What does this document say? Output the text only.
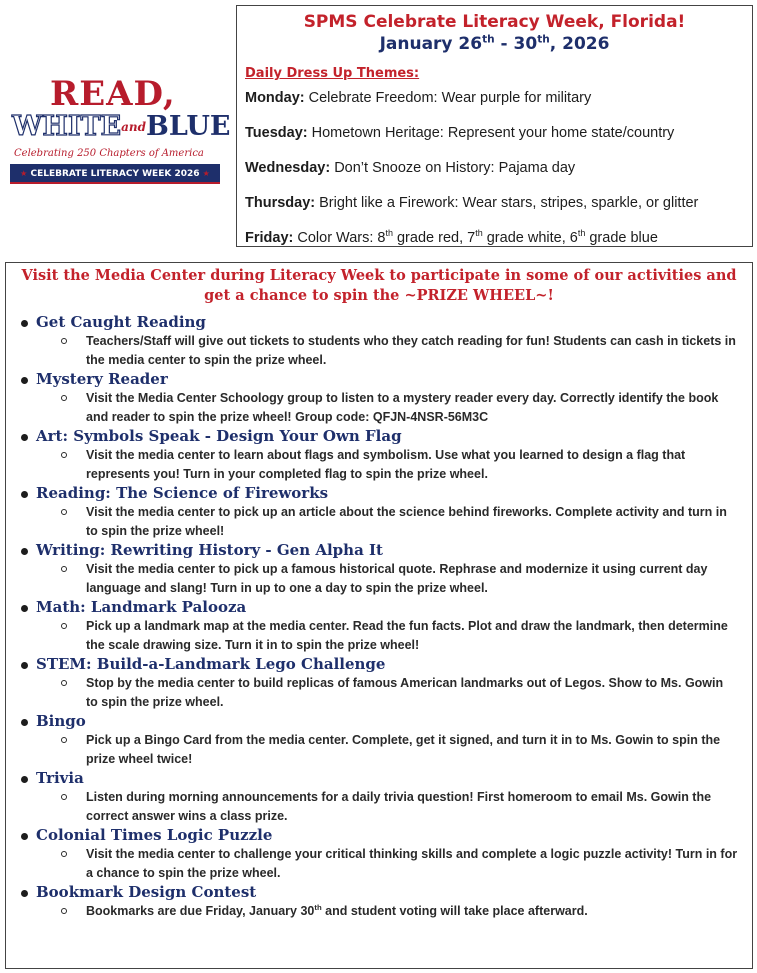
READ,
$WHITE^{and}BLUE$
Celebrating 250 Chapters of America
★ CELEBRATE LITERACY WEEK 2026 ★
SPMS Celebrate Literacy Week, Florida!
January 26th - 30th, 2026
Daily Dress Up Themes:
Monday: Celebrate Freedom: Wear purple for military
Tuesday: Hometown Heritage: Represent your home state/country
Wednesday: Don’t Snooze on History: Pajama day
Thursday: Bright like a Firework: Wear stars, stripes, sparkle, or glitter
Friday: Color Wars: 8th grade red, 7th grade white, 6th grade blue
Visit the Media Center during Literacy Week to participate in some of our activities and
get a chance to spin the ~PRIZE WHEEL~!
Get Caught Reading
Teachers/Staff will give out tickets to students who they catch reading for fun! Students can cash in tickets in the media center to spin the prize wheel.
Mystery Reader
Visit the Media Center Schoology group to listen to a mystery reader every day. Correctly identify the book and reader to spin the prize wheel! Group code: QFJN-4NSR-56M3C
Art: Symbols Speak - Design Your Own Flag
Visit the media center to learn about flags and symbolism. Use what you learned to design a flag that represents you! Turn in your completed flag to spin the prize wheel.
Reading: The Science of Fireworks
Visit the media center to pick up an article about the science behind fireworks. Complete activity and turn in to spin the prize wheel!
Writing: Rewriting History - Gen Alpha It
Visit the media center to pick up a famous historical quote. Rephrase and modernize it using current day language and slang! Turn in up to one a day to spin the prize wheel.
Math: Landmark Palooza
Pick up a landmark map at the media center. Read the fun facts. Plot and draw the landmark, then determine the scale drawing size. Turn it in to spin the prize wheel!
STEM: Build-a-Landmark Lego Challenge
Stop by the media center to build replicas of famous American landmarks out of Legos. Show to Ms. Gowin to spin the prize wheel.
Bingo
Pick up a Bingo Card from the media center. Complete, get it signed, and turn it in to Ms. Gowin to spin the prize wheel twice!
Trivia
Listen during morning announcements for a daily trivia question! First homeroom to email Ms. Gowin the correct answer wins a class prize.
Colonial Times Logic Puzzle
Visit the media center to challenge your critical thinking skills and complete a logic puzzle activity! Turn in for a chance to spin the prize wheel.
Bookmark Design Contest
Bookmarks are due Friday, January 30th and student voting will take place afterward.
